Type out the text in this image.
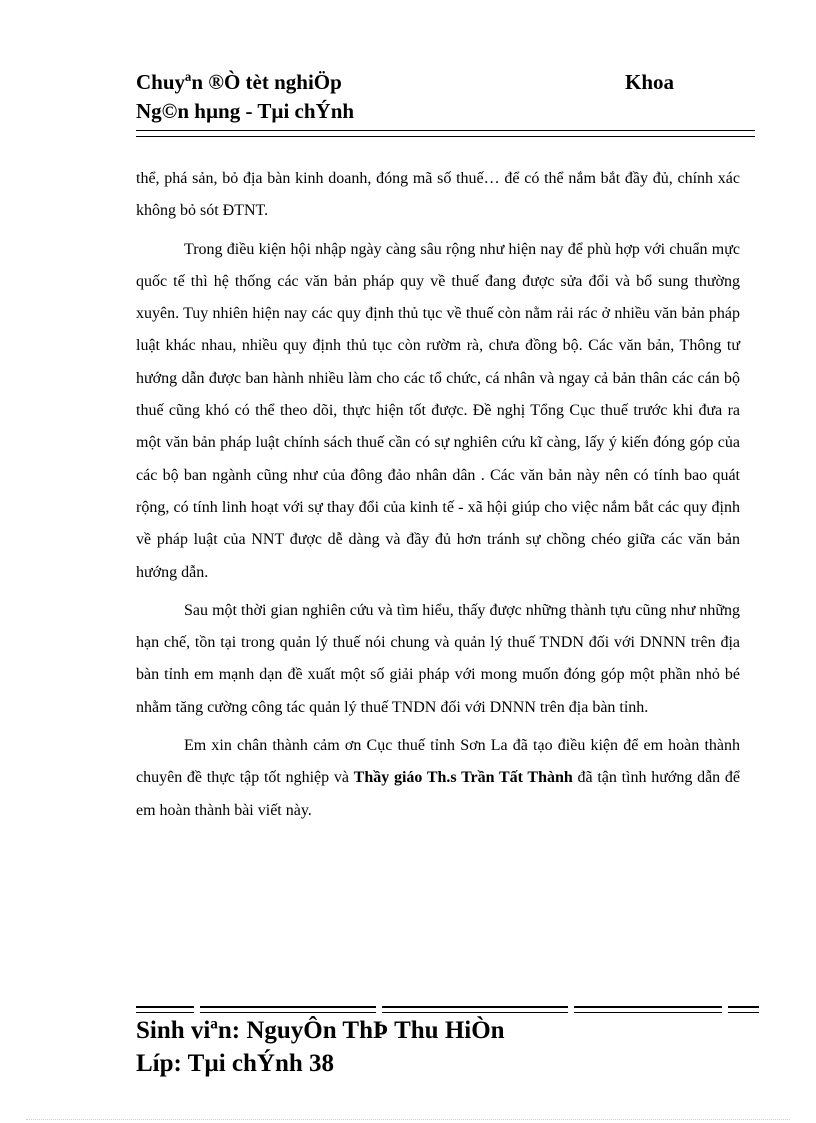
Chuyªn ®Ò tèt nghiÖp	Khoa
Ng©n hµng - Tµi chÝnh

thể, phá sản, bỏ địa bàn kinh doanh, đóng mã số thuế… để có thể nắm bắt đầy đủ, chính xác không bỏ sót ĐTNT.

Trong điều kiện hội nhập ngày càng sâu rộng như hiện nay để phù hợp với chuẩn mực quốc tế thì hệ thống các văn bản pháp quy về thuế đang được sửa đổi và bổ sung thường xuyên. Tuy nhiên hiện nay các quy định thủ tục về thuế còn nằm rải rác ở nhiều văn bản pháp luật khác nhau, nhiều quy định thủ tục còn rườm rà, chưa đồng bộ. Các văn bản, Thông tư hướng dẫn được ban hành nhiều làm cho các tổ chức, cá nhân và ngay cả bản thân các cán bộ thuế cũng khó có thể theo dõi, thực hiện tốt được. Đề nghị Tổng Cục thuế trước khi đưa ra một văn bản pháp luật chính sách thuế cần có sự nghiên cứu kĩ càng, lấy ý kiến đóng góp của các bộ ban ngành cũng như của đông đảo nhân dân . Các văn bản này nên có tính bao quát rộng, có tính linh hoạt với sự thay đổi của kinh tế - xã hội giúp cho việc nắm bắt các quy định về pháp luật của NNT được dễ dàng và đầy đủ hơn tránh sự chồng chéo giữa các văn bản hướng dẫn.

Sau một thời gian nghiên cứu và tìm hiểu, thấy được những thành tựu cũng như những hạn chế, tồn tại trong quản lý thuế nói chung và quản lý thuế TNDN đối với DNNN trên địa bàn tỉnh em mạnh dạn đề xuất một số giải pháp với mong muốn đóng góp một phần nhỏ bé nhằm tăng cường công tác quản lý thuế TNDN đối với DNNN trên địa bàn tỉnh.

Em xin chân thành cảm ơn Cục thuế tỉnh Sơn La đã tạo điều kiện để em hoàn thành chuyên đề thực tập tốt nghiệp và Thầy giáo Th.s Trần Tất Thành đã tận tình hướng dẫn để em hoàn thành bài viết này.

Sinh viªn: NguyÔn ThÞ Thu HiÒn
Líp: Tµi chÝnh 38
